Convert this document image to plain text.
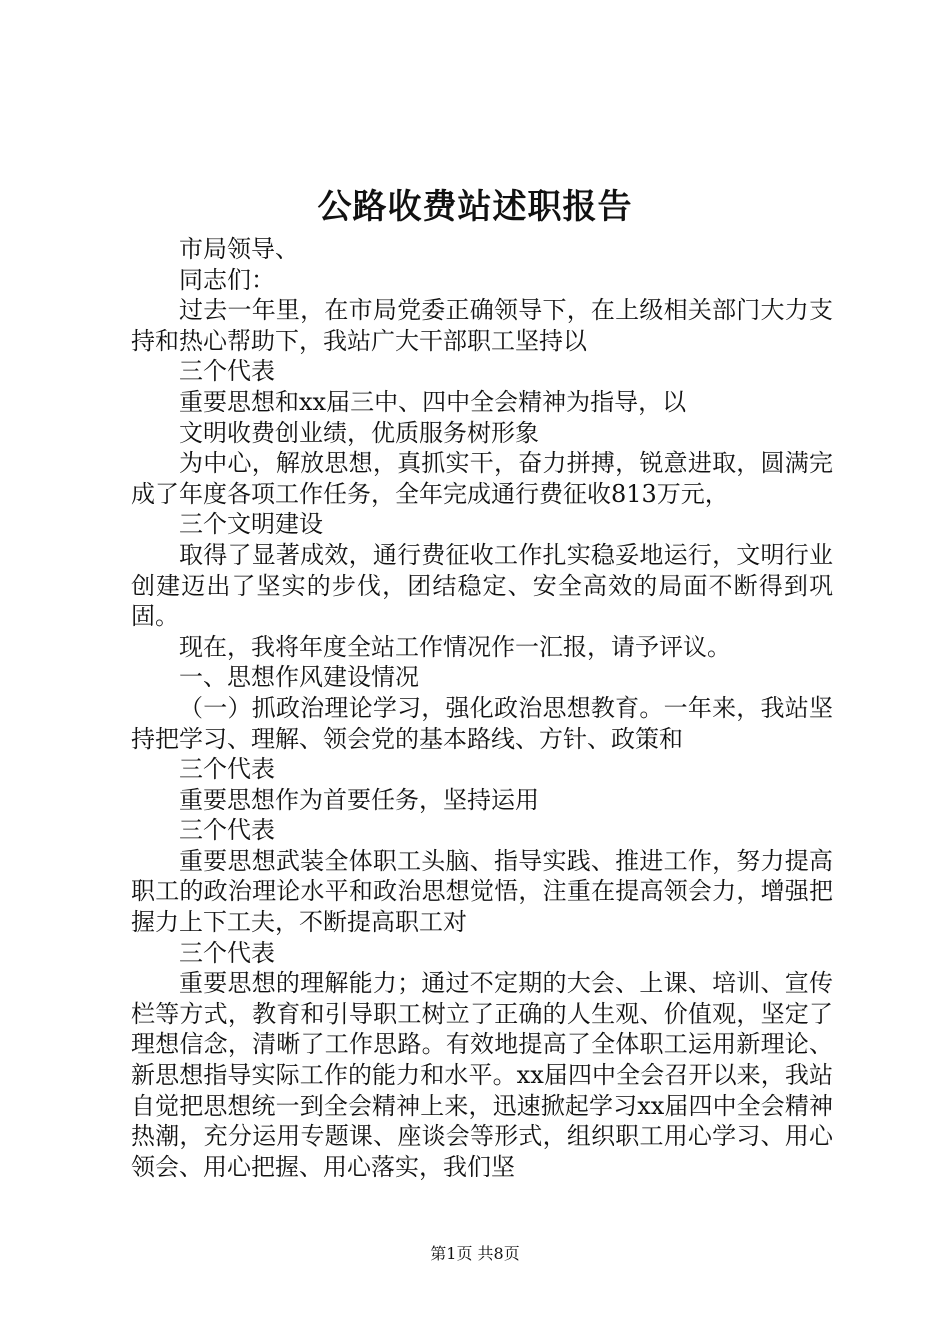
公路收费站述职报告

市局领导、

同志们：

过去一年里，在市局党委正确领导下，在上级相关部门大力支持和热心帮助下，我站广大干部职工坚持以

三个代表

重要思想和xx届三中、四中全会精神为指导，以

文明收费创业绩，优质服务树形象

为中心，解放思想，真抓实干，奋力拼搏，锐意进取，圆满完成了年度各项工作任务，全年完成通行费征收813万元，

三个文明建设

取得了显著成效，通行费征收工作扎实稳妥地运行，文明行业创建迈出了坚实的步伐，团结稳定、安全高效的局面不断得到巩固。

现在，我将年度全站工作情况作一汇报，请予评议。

一、思想作风建设情况

（一）抓政治理论学习，强化政治思想教育。一年来，我站坚持把学习、理解、领会党的基本路线、方针、政策和

三个代表

重要思想作为首要任务，坚持运用

三个代表

重要思想武装全体职工头脑、指导实践、推进工作，努力提高职工的政治理论水平和政治思想觉悟，注重在提高领会力，增强把握力上下工夫，不断提高职工对

三个代表

重要思想的理解能力；通过不定期的大会、上课、培训、宣传栏等方式，教育和引导职工树立了正确的人生观、价值观，坚定了理想信念，清晰了工作思路。有效地提高了全体职工运用新理论、新思想指导实际工作的能力和水平。xx届四中全会召开以来，我站自觉把思想统一到全会精神上来，迅速掀起学习xx届四中全会精神热潮，充分运用专题课、座谈会等形式，组织职工用心学习、用心领会、用心把握、用心落实，我们坚

第1页 共8页
